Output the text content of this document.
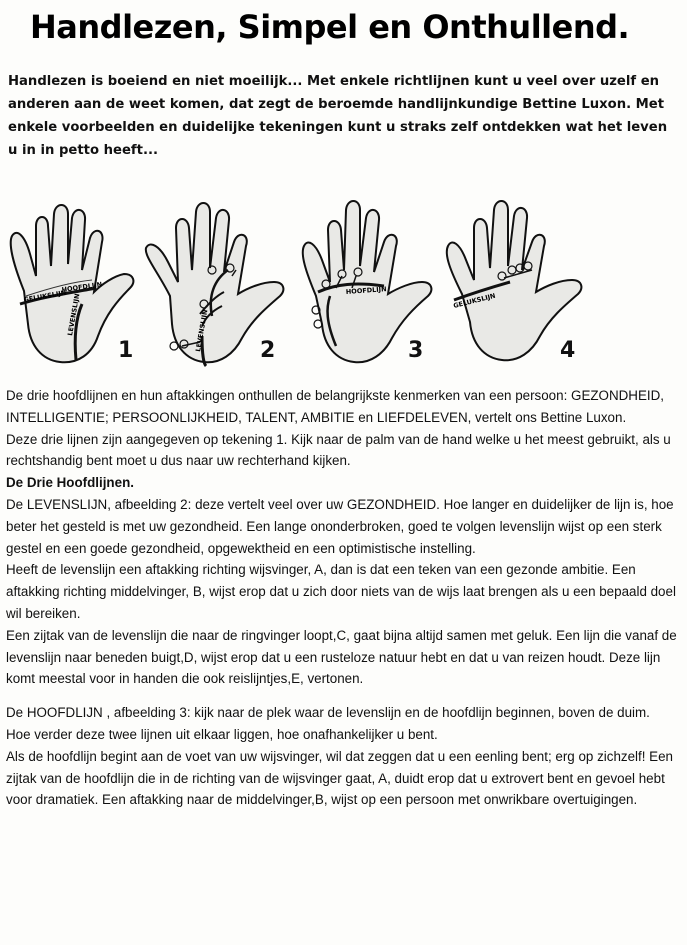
Handlezen, Simpel en Onthullend.

Handlezen is boeiend en niet moeilijk... Met enkele richtlijnen kunt u veel over uzelf en anderen aan de weet komen, dat zegt de beroemde handlijnkundige Bettine Luxon. Met enkele voorbeelden en duidelijke tekeningen kunt u straks zelf ontdekken wat het leven u in in petto heeft...

GELUKSLIJN
HOOFDLIJN
LEVENSLIJN
1	LEVENSLIJN 2
HOOFDLIJN
3
GELUKSLIJN
4

De drie hoofdlijnen en hun aftakkingen onthullen de belangrijkste kenmerken van een persoon: GEZONDHEID, INTELLIGENTIE; PERSOONLIJKHEID, TALENT, AMBITIE en LIEFDELEVEN, vertelt ons Bettine Luxon.

Deze drie lijnen zijn aangegeven op tekening 1. Kijk naar de palm van de hand welke u het meest gebruikt, als u rechtshandig bent moet u dus naar uw rechterhand kijken.

De Drie Hoofdlijnen.

De LEVENSLIJN, afbeelding 2: deze vertelt veel over uw GEZONDHEID. Hoe langer en duidelijker de lijn is, hoe beter het gesteld is met uw gezondheid. Een lange ononderbroken, goed te volgen levenslijn wijst op een sterk gestel en een goede gezondheid, opgewektheid en een optimistische instelling.

Heeft de levenslijn een aftakking richting wijsvinger, A, dan is dat een teken van een gezonde ambitie. Een aftakking richting middelvinger, B, wijst erop dat u zich door niets van de wijs laat brengen als u een bepaald doel wil bereiken.

Een zijtak van de levenslijn die naar de ringvinger loopt,C, gaat bijna altijd samen met geluk. Een lijn die vanaf de levenslijn naar beneden buigt,D, wijst erop dat u een rusteloze natuur hebt en dat u van reizen houdt. Deze lijn komt meestal voor in handen die ook reislijntjes,E, vertonen.

De HOOFDLIJN , afbeelding 3: kijk naar de plek waar de levenslijn en de hoofdlijn beginnen, boven de duim. Hoe verder deze twee lijnen uit elkaar liggen, hoe onafhankelijker u bent.

Als de hoofdlijn begint aan de voet van uw wijsvinger, wil dat zeggen dat u een eenling bent; erg op zichzelf! Een zijtak van de hoofdlijn die in de richting van de wijsvinger gaat, A, duidt erop dat u extrovert bent en gevoel hebt voor dramatiek. Een aftakking naar de middelvinger,B, wijst op een persoon met onwrikbare overtuigingen.
